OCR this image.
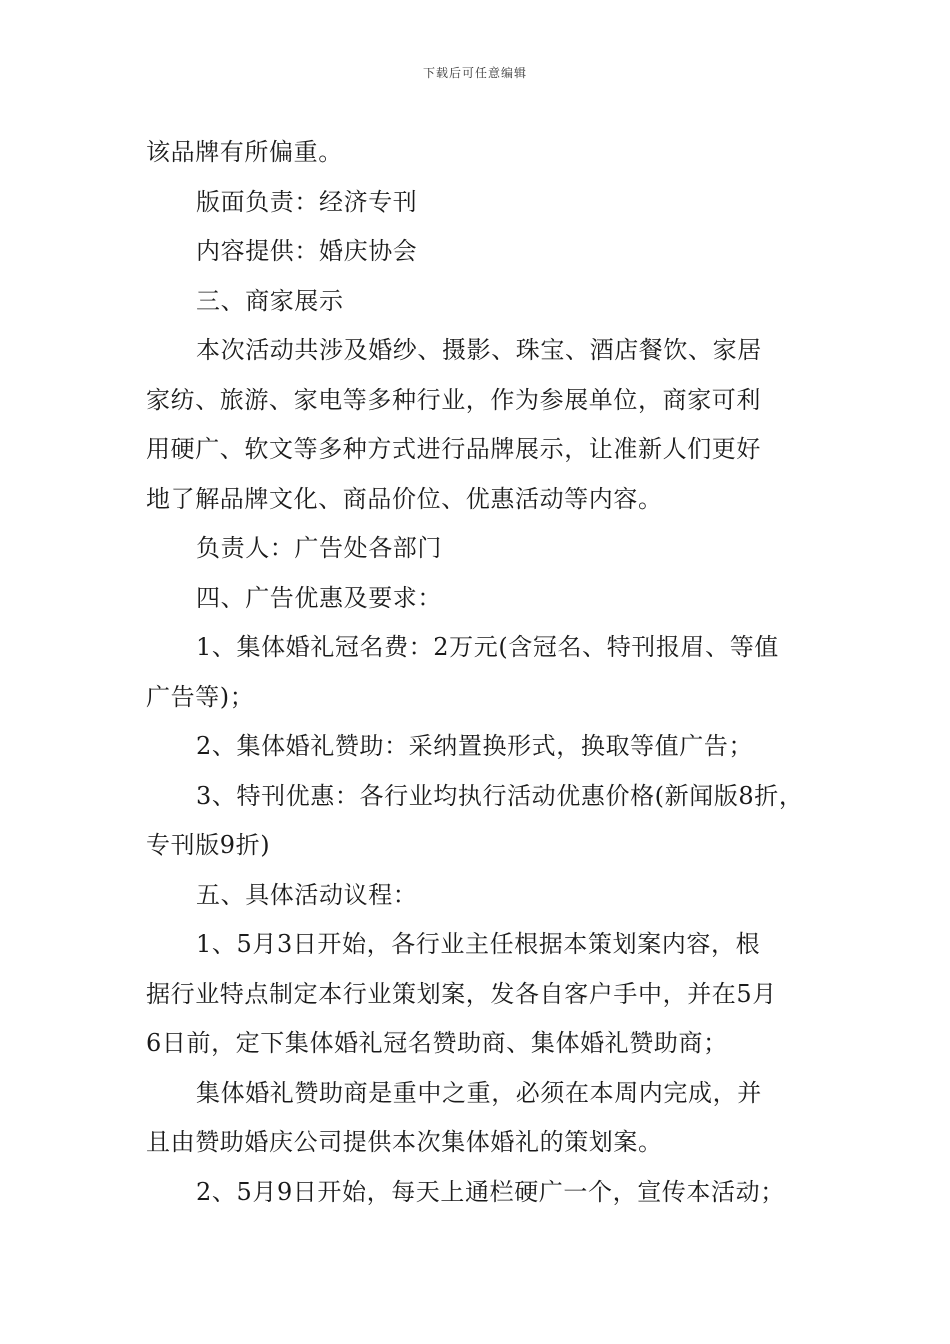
下载后可任意编辑
该品牌有所偏重。
版面负责：经济专刊
内容提供：婚庆协会
三、商家展示
本次活动共涉及婚纱、摄影、珠宝、酒店餐饮、家居
家纺、旅游、家电等多种行业，作为参展单位，商家可利
用硬广、软文等多种方式进行品牌展示，让准新人们更好
地了解品牌文化、商品价位、优惠活动等内容。
负责人：广告处各部门
四、广告优惠及要求：
1、集体婚礼冠名费：2万元(含冠名、特刊报眉、等值
广告等)；
2、集体婚礼赞助：采纳置换形式，换取等值广告；
3、特刊优惠：各行业均执行活动优惠价格(新闻版8折，
专刊版9折)
五、具体活动议程：
1、5月3日开始，各行业主任根据本策划案内容，根
据行业特点制定本行业策划案，发各自客户手中，并在5月
6日前，定下集体婚礼冠名赞助商、集体婚礼赞助商；
集体婚礼赞助商是重中之重，必须在本周内完成，并
且由赞助婚庆公司提供本次集体婚礼的策划案。
2、5月9日开始，每天上通栏硬广一个，宣传本活动；
